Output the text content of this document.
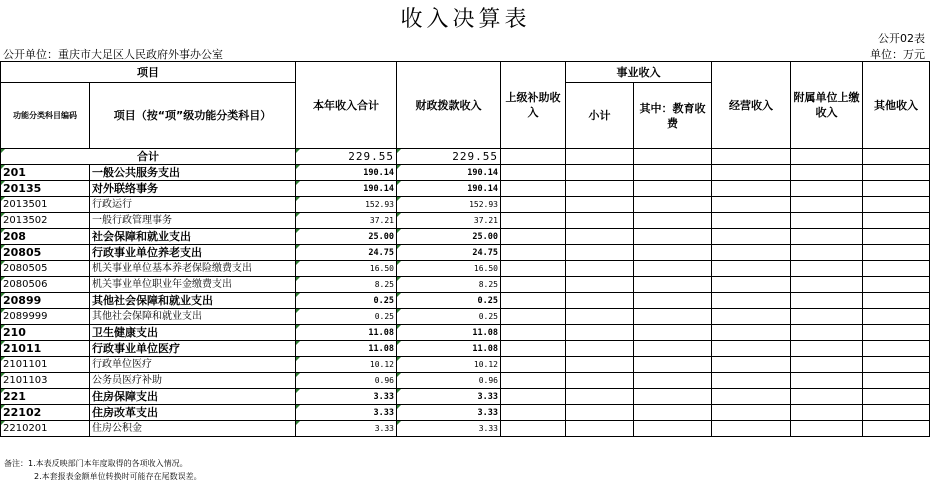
收入决算表
公开02表
公开单位：重庆市大足区人民政府外事办公室	单位：万元
项目		本年收入合计	财政拨款收入	上级补助收入	事业收入		经营收入	附属单位上缴收入	其他收入
功能分类科目编码	项目（按“项”级功能分类科目）				小计	其中：教育收费			

合计		229.55	229.55						
201	一般公共服务支出	190.14	190.14						
20135	对外联络事务	190.14	190.14						
2013501	行政运行	152.93	152.93						
2013502	一般行政管理事务	37.21	37.21						
208	社会保障和就业支出	25.00	25.00						
20805	行政事业单位养老支出	24.75	24.75						
2080505	机关事业单位基本养老保险缴费支出	16.50	16.50						
2080506	机关事业单位职业年金缴费支出	8.25	8.25						
20899	其他社会保障和就业支出	0.25	0.25						
2089999	其他社会保障和就业支出	0.25	0.25						
210	卫生健康支出	11.08	11.08						
21011	行政事业单位医疗	11.08	11.08						
2101101	行政单位医疗	10.12	10.12						
2101103	公务员医疗补助	0.96	0.96						
221	住房保障支出	3.33	3.33						
22102	住房改革支出	3.33	3.33						
2210201	住房公积金	3.33	3.33						
备注：1.本表反映部门本年度取得的各项收入情况。
2.本套报表金额单位转换时可能存在尾数误差。
